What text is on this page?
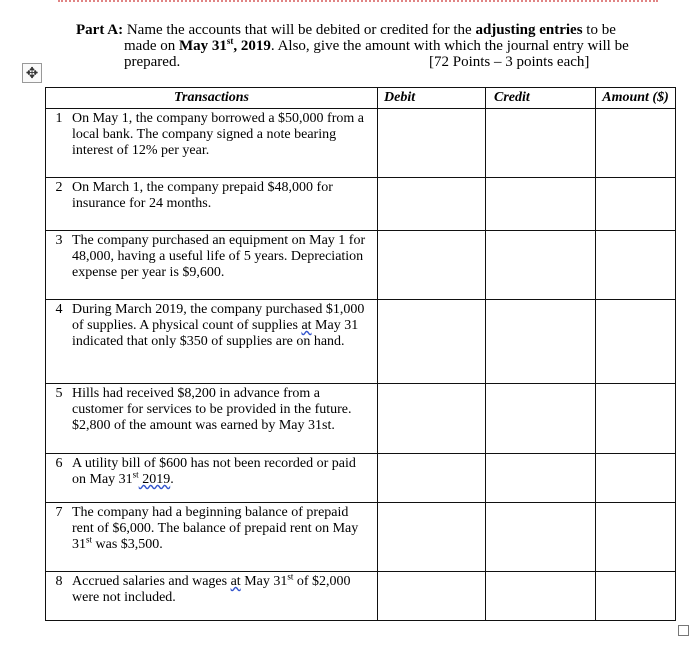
Part A: Name the accounts that will be debited or credited for the adjusting entries to be
made on May 31st, 2019. Also, give the amount with which the journal entry will be
prepared.	[72 Points – 3 points each]
✥
Transactions	Debit	Credit	Amount ($)

1 On May 1, the company borrowed a $50,000 from a local bank. The company signed a note bearing interest of 12% per year.			

2 On March 1, the company prepaid $48,000 for insurance for 24 months.			

3 The company purchased an equipment on May 1 for 48,000, having a useful life of 5 years. Depreciation expense per year is $9,600.			

4 During March 2019, the company purchased $1,000 of supplies. A physical count of supplies at May 31 indicated that only $350 of supplies are on hand.			

5 Hills had received $8,200 in advance from a customer for services to be provided in the future. $2,800 of the amount was earned by May 31st.			

6 A utility bill of $600 has not been recorded or paid on May 31st 2019.			

7 The company had a beginning balance of prepaid rent of $6,000. The balance of prepaid rent on May 31st was $3,500.			

8 Accrued salaries and wages at May 31st of $2,000 were not included.			
